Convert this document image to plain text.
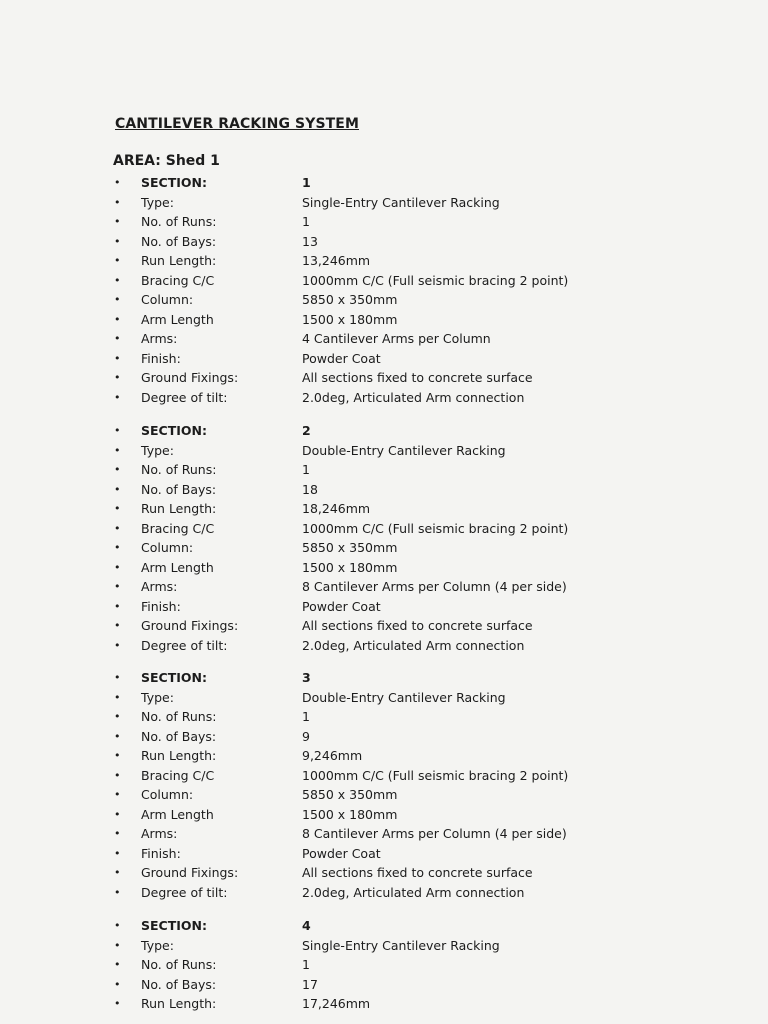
CANTILEVER RACKING SYSTEM
AREA: Shed 1
• SECTION:	1
• Type:	Single-Entry Cantilever Racking
• No. of Runs:	1
• No. of Bays:	13
• Run Length:	13,246mm
• Bracing C/C	1000mm C/C (Full seismic bracing 2 point)
• Column:	5850 x 350mm
• Arm Length	1500 x 180mm
• Arms:	4 Cantilever Arms per Column
• Finish:	Powder Coat
• Ground Fixings:	All sections fixed to concrete surface
• Degree of tilt:	2.0deg, Articulated Arm connection
• SECTION:	2
• Type:	Double-Entry Cantilever Racking
• No. of Runs:	1
• No. of Bays:	18
• Run Length:	18,246mm
• Bracing C/C	1000mm C/C (Full seismic bracing 2 point)
• Column:	5850 x 350mm
• Arm Length	1500 x 180mm
• Arms:	8 Cantilever Arms per Column (4 per side)
• Finish:	Powder Coat
• Ground Fixings:	All sections fixed to concrete surface
• Degree of tilt:	2.0deg, Articulated Arm connection
• SECTION:	3
• Type:	Double-Entry Cantilever Racking
• No. of Runs:	1
• No. of Bays:	9
• Run Length:	9,246mm
• Bracing C/C	1000mm C/C (Full seismic bracing 2 point)
• Column:	5850 x 350mm
• Arm Length	1500 x 180mm
• Arms:	8 Cantilever Arms per Column (4 per side)
• Finish:	Powder Coat
• Ground Fixings:	All sections fixed to concrete surface
• Degree of tilt:	2.0deg, Articulated Arm connection
• SECTION:	4
• Type:	Single-Entry Cantilever Racking
• No. of Runs:	1
• No. of Bays:	17
• Run Length:	17,246mm
